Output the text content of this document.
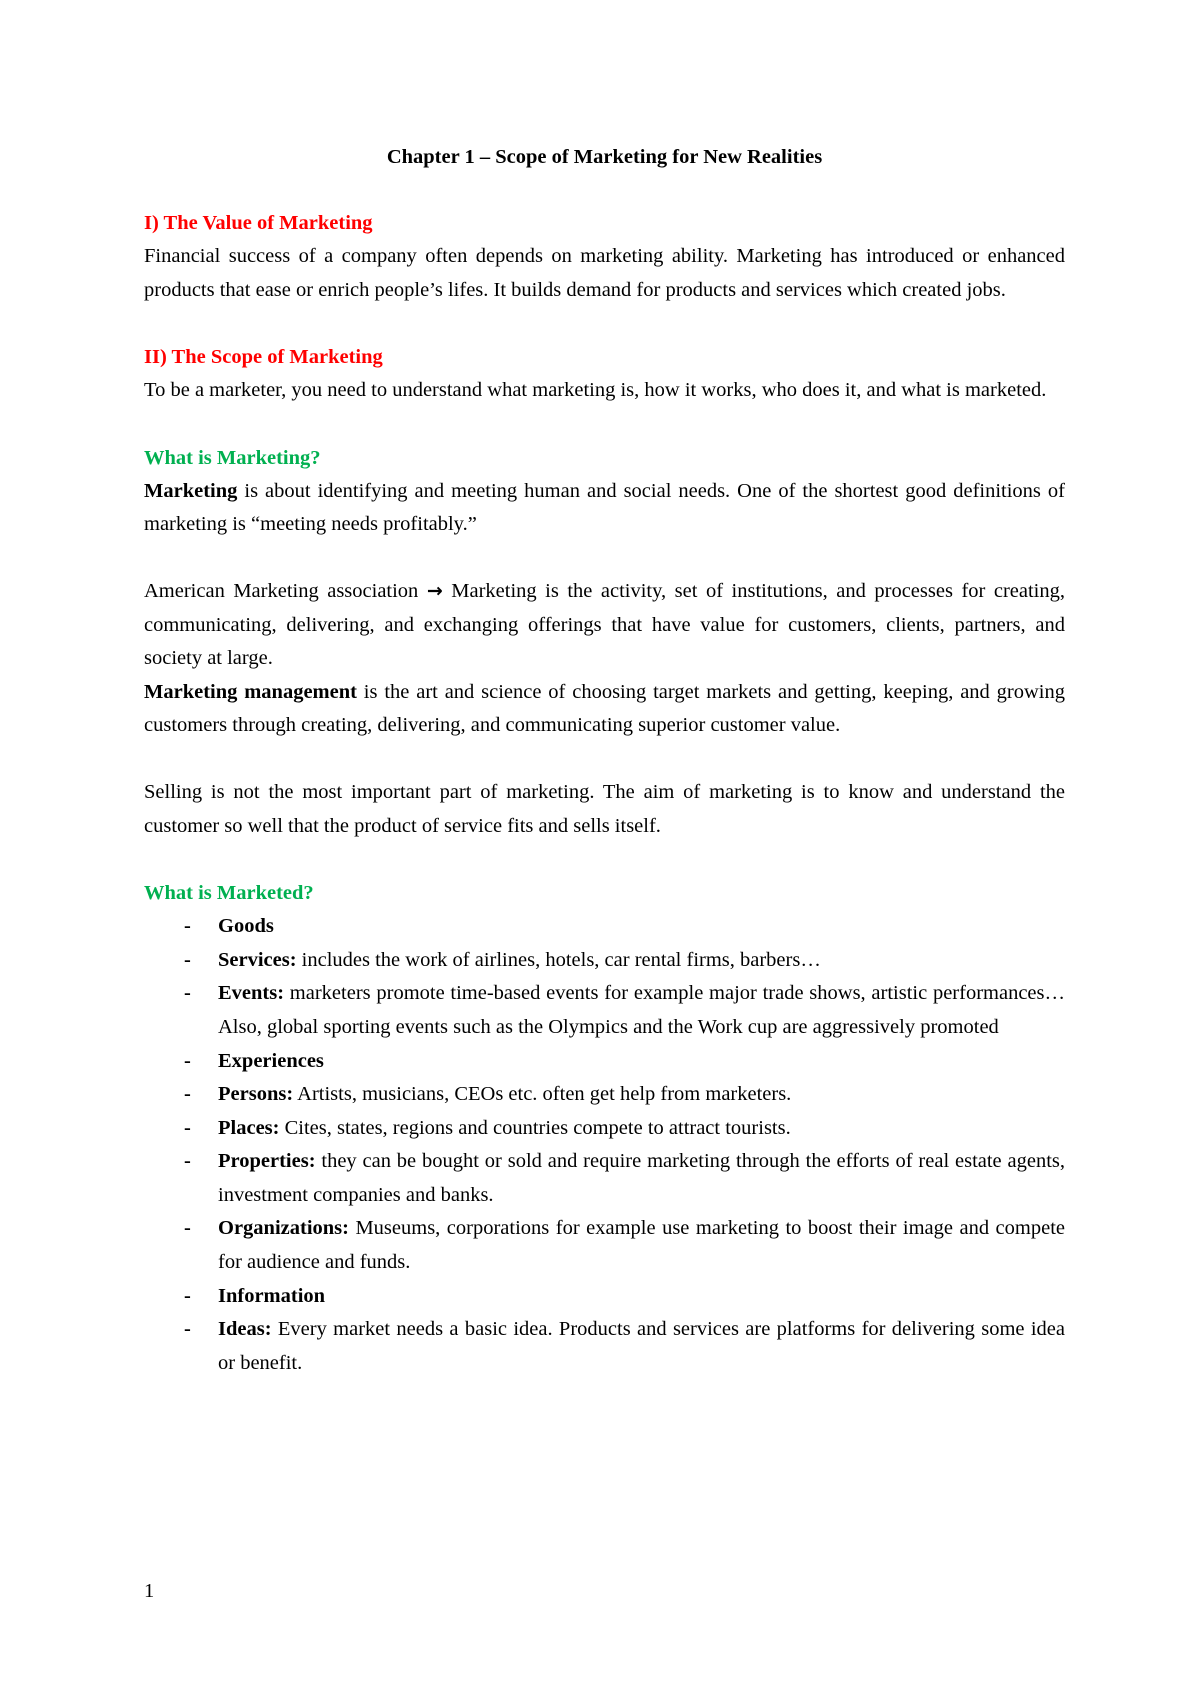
Chapter 1 – Scope of Marketing for New Realities
I) The Value of Marketing

Financial success of a company often depends on marketing ability. Marketing has introduced or enhanced products that ease or enrich people’s lifes. It builds demand for products and services which created jobs.

II) The Scope of Marketing

To be a marketer, you need to understand what marketing is, how it works, who does it, and what is marketed.

What is Marketing?

Marketing is about identifying and meeting human and social needs. One of the shortest good definitions of marketing is “meeting needs profitably.”

American Marketing association → Marketing is the activity, set of institutions, and processes for creating, communicating, delivering, and exchanging offerings that have value for customers, clients, partners, and society at large.

Marketing management is the art and science of choosing target markets and getting, keeping, and growing customers through creating, delivering, and communicating superior customer value.

Selling is not the most important part of marketing. The aim of marketing is to know and understand the customer so well that the product of service fits and sells itself.

What is Marketed?
- Goods
- Services: includes the work of airlines, hotels, car rental firms, barbers…
- Events: marketers promote time-based events for example major trade shows, artistic performances… Also, global sporting events such as the Olympics and the Work cup are aggressively promoted
- Experiences
- Persons: Artists, musicians, CEOs etc. often get help from marketers.
- Places: Cites, states, regions and countries compete to attract tourists.
- Properties: they can be bought or sold and require marketing through the efforts of real estate agents, investment companies and banks.
- Organizations: Museums, corporations for example use marketing to boost their image and compete for audience and funds.
- Information
- Ideas: Every market needs a basic idea. Products and services are platforms for delivering some idea or benefit.
1
